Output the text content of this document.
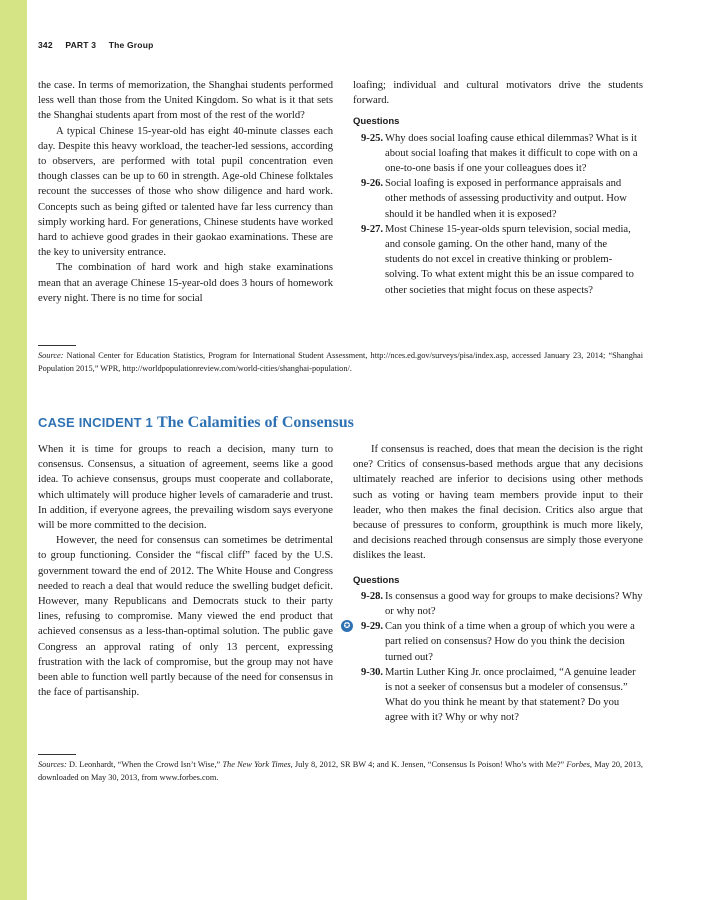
342 PART 3 The Group

the case. In terms of memorization, the Shanghai students performed less well than those from the United Kingdom. So what is it that sets the Shanghai students apart from most of the rest of the world?

A typical Chinese 15-year-old has eight 40-minute classes each day. Despite this heavy workload, the teacher-led sessions, according to observers, are performed with total pupil concentration even though classes can be up to 60 in strength. Age-old Chinese folktales recount the successes of those who show diligence and hard work. Concepts such as being gifted or talented have far less currency than simply working hard. For generations, Chinese students have worked hard to achieve good grades in their gaokao examinations. These are the key to university entrance.

The combination of hard work and high stake examinations mean that an average Chinese 15-year-old does 3 hours of homework every night. There is no time for social

loafing; individual and cultural motivators drive the students forward.

Questions
9-25. Why does social loafing cause ethical dilemmas? What is it about social loafing that makes it difficult to cope with on a one-to-one basis if one your colleagues does it?
9-26. Social loafing is exposed in performance appraisals and other methods of assessing productivity and output. How should it be handled when it is exposed?
9-27. Most Chinese 15-year-olds spurn television, social media, and console gaming. On the other hand, many of the students do not excel in creative thinking or problem-solving. To what extent might this be an issue compared to other societies that might focus on these aspects?
Source: National Center for Education Statistics, Program for International Student Assessment, http://nces.ed.gov/surveys/pisa/index.asp, accessed January 23, 2014; “Shanghai Population 2015,” WPR, http://worldpopulationreview.com/world-cities/shanghai-population/.
CASE INCIDENT 1 The Calamities of Consensus

When it is time for groups to reach a decision, many turn to consensus. Consensus, a situation of agreement, seems like a good idea. To achieve consensus, groups must cooperate and collaborate, which ultimately will produce higher levels of camaraderie and trust. In addition, if everyone agrees, the prevailing wisdom says everyone will be more committed to the decision.

However, the need for consensus can sometimes be detrimental to group functioning. Consider the “fiscal cliff” faced by the U.S. government toward the end of 2012. The White House and Congress needed to reach a deal that would reduce the swelling budget deficit. However, many Republicans and Democrats stuck to their party lines, refusing to compromise. Many viewed the end product that achieved consensus as a less-than-optimal solution. The public gave Congress an approval rating of only 13 percent, expressing frustration with the lack of compromise, but the group may not have been able to function well partly because of the need for consensus in the face of partisanship.

If consensus is reached, does that mean the decision is the right one? Critics of consensus-based methods argue that any decisions ultimately reached are inferior to decisions using other methods such as voting or having team members provide input to their leader, who then makes the final decision. Critics also argue that because of pressures to conform, groupthink is much more likely, and decisions reached through consensus are simply those everyone dislikes the least.

Questions
9-28. Is consensus a good way for groups to make decisions? Why or why not?
✪ 9-29. Can you think of a time when a group of which you were a part relied on consensus? How do you think the decision turned out?
9-30. Martin Luther King Jr. once proclaimed, “A genuine leader is not a seeker of consensus but a modeler of consensus.” What do you think he meant by that statement? Do you agree with it? Why or why not?
Sources: D. Leonhardt, “When the Crowd Isn’t Wise,” The New York Times, July 8, 2012, SR BW 4; and K. Jensen, “Consensus Is Poison! Who’s with Me?” Forbes, May 20, 2013, downloaded on May 30, 2013, from www.forbes.com.
